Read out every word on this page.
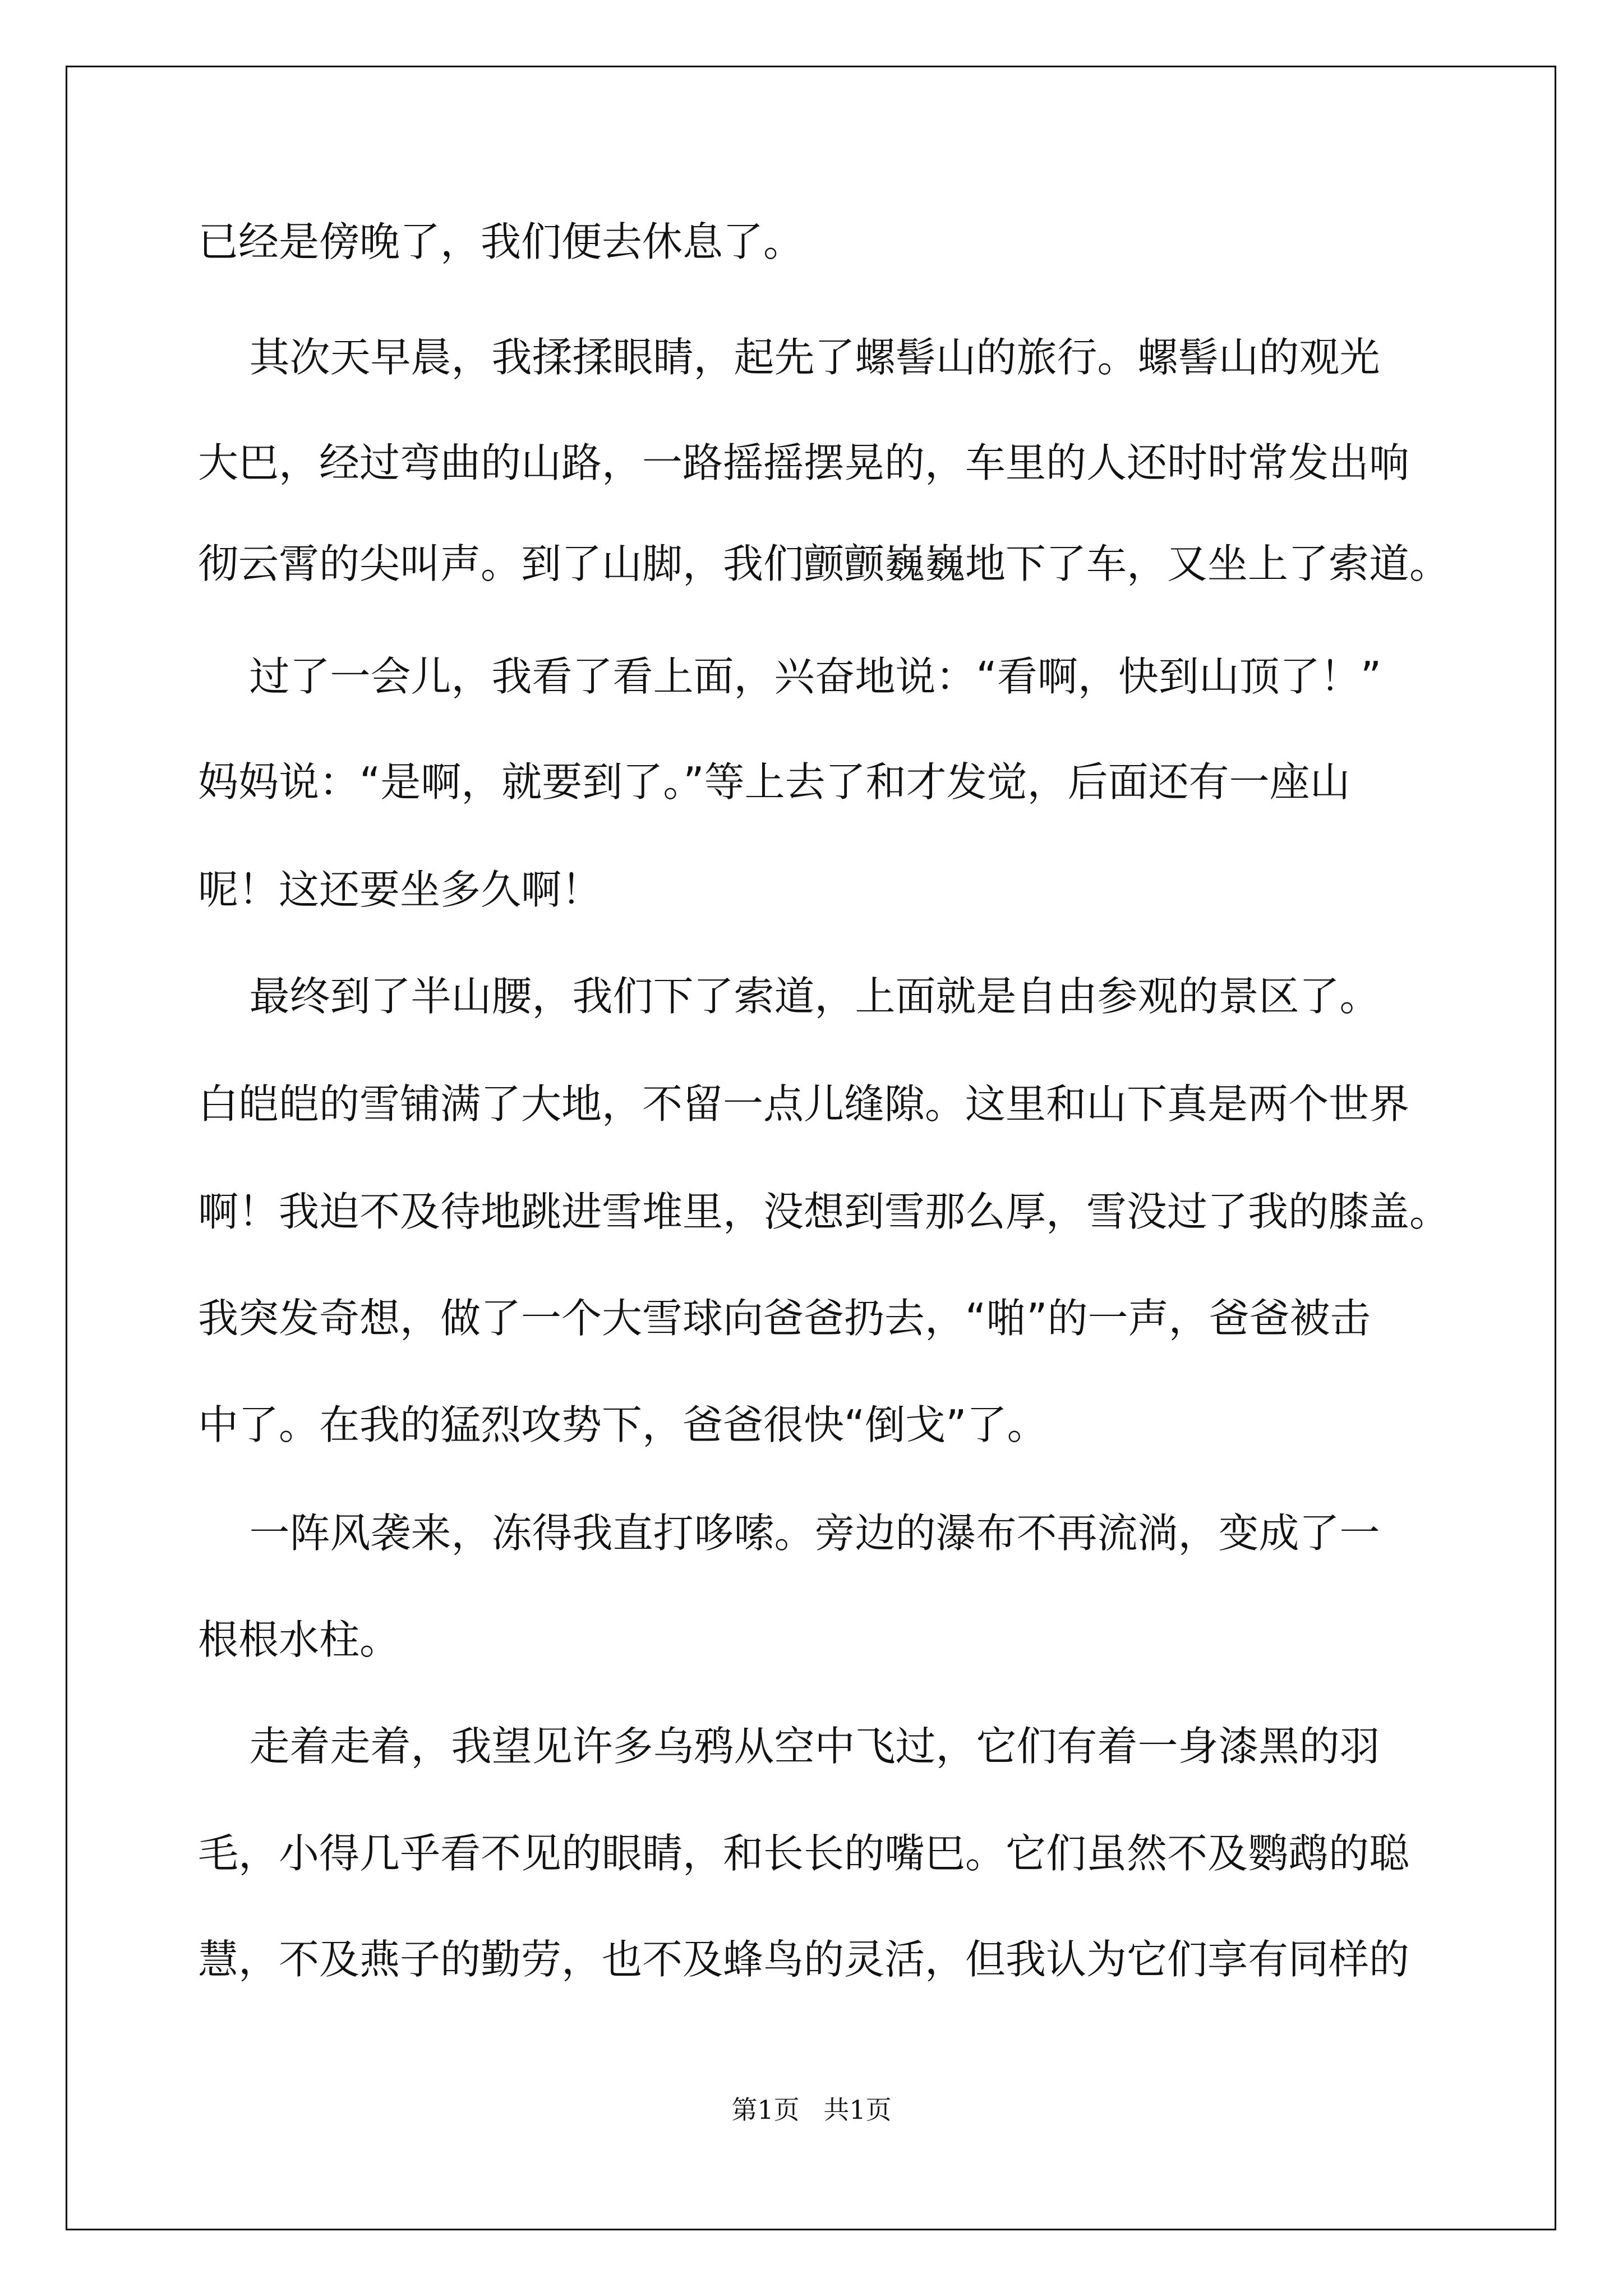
已经是傍晚了，我们便去休息了。

其次天早晨，我揉揉眼睛，起先了螺髻山的旅行。螺髻山的观光

大巴，经过弯曲的山路，一路摇摇摆晃的，车里的人还时时常发出响

彻云霄的尖叫声。到了山脚，我们颤颤巍巍地下了车，又坐上了索道。

过了一会儿，我看了看上面，兴奋地说：“看啊，快到山顶了！”

妈妈说：“是啊，就要到了。”等上去了和才发觉，后面还有一座山

呢！这还要坐多久啊！

最终到了半山腰，我们下了索道，上面就是自由参观的景区了。

白皑皑的雪铺满了大地，不留一点儿缝隙。这里和山下真是两个世界

啊！我迫不及待地跳进雪堆里，没想到雪那么厚，雪没过了我的膝盖。

我突发奇想，做了一个大雪球向爸爸扔去，“啪”的一声，爸爸被击

中了。在我的猛烈攻势下，爸爸很快“倒戈”了。

一阵风袭来，冻得我直打哆嗦。旁边的瀑布不再流淌，变成了一

根根水柱。

走着走着，我望见许多乌鸦从空中飞过，它们有着一身漆黑的羽

毛，小得几乎看不见的眼睛，和长长的嘴巴。它们虽然不及鹦鹉的聪

慧，不及燕子的勤劳，也不及蜂鸟的灵活，但我认为它们享有同样的

第1页 共1页
